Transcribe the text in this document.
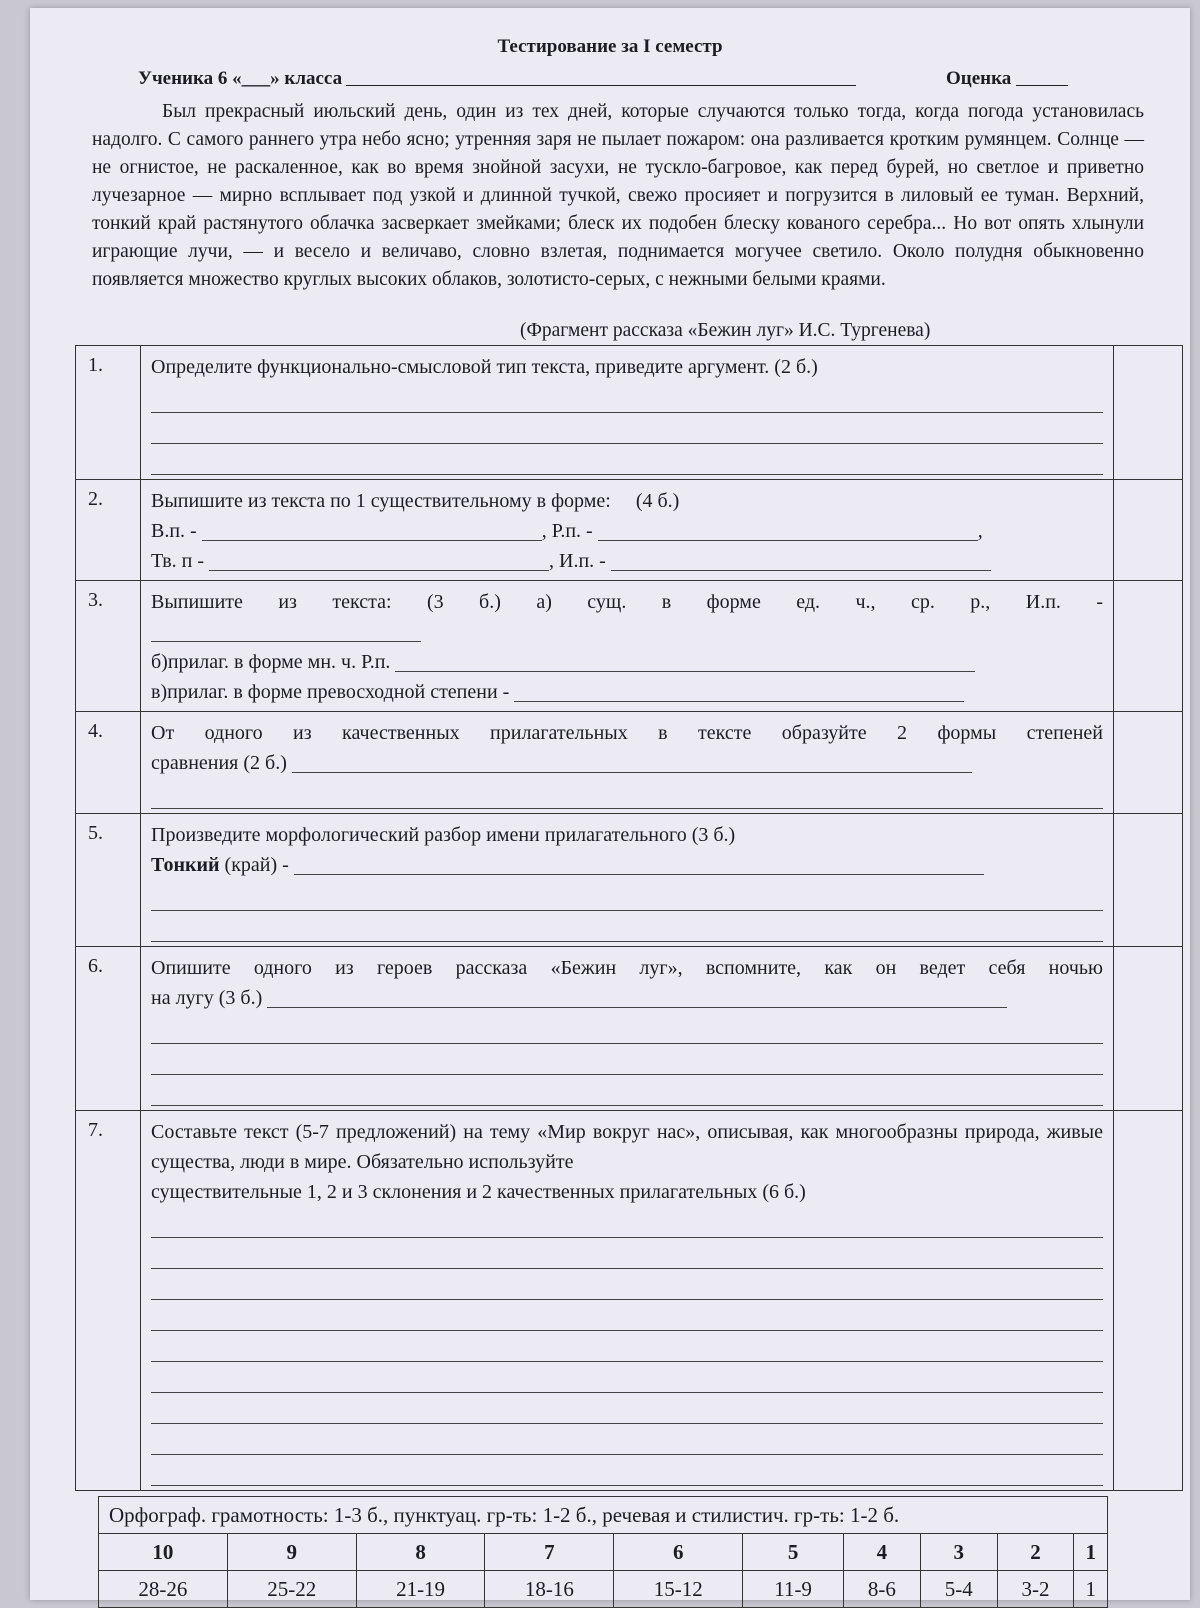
Тестирование за I семестр
Ученика 6 «___» класса	Оценка
Был прекрасный июльский день, один из тех дней, которые случаются только тогда, когда погода установилась надолго. С самого раннего утра небо ясно; утренняя заря не пылает пожаром: она разливается кротким румянцем. Солнце — не огнистое, не раскаленное, как во время знойной засухи, не тускло-багровое, как перед бурей, но светлое и приветно лучезарное — мирно всплывает под узкой и длинной тучкой, свежо просияет и погрузится в лиловый ее туман. Верхний, тонкий край растянутого облачка засверкает змейками; блеск их подобен блеску кованого серебра... Но вот опять хлынули играющие лучи, — и весело и величаво, словно взлетая, поднимается могучее светило. Около полудня обыкновенно появляется множество круглых высоких облаков, золотисто-серых, с нежными белыми краями.
(Фрагмент рассказа «Бежин луг» И.С. Тургенева)
1.	Определите функционально-смысловой тип текста, приведите аргумент. (2 б.)	

2.	Выпишите из текста по 1 существительному в форме:     (4 б.)
В.п. - , Р.п. - ,
Тв. п - , И.п. -	

3.	Выпишите из текста: (3 б.) а) сущ. в форме ед. ч., ср. р., И.п. -
б)прилаг. в форме мн. ч. Р.п.
в)прилаг. в форме превосходной степени -	

4.	От одного из качественных прилагательных в тексте образуйте 2 формы степеней
сравнения (2 б.)	

5.	Произведите морфологический разбор имени прилагательного (3 б.)
Тонкий (край) -	

6.	Опишите одного из героев рассказа «Бежин луг», вспомните, как он ведет себя ночью
на лугу (3 б.)	

7.	Составьте текст (5-7 предложений) на тему «Мир вокруг нас», описывая, как многообразны природа, живые существа, люди в мире. Обязательно используйте
существительные 1, 2 и 3 склонения и 2 качественных прилагательных (6 б.)	

Орфограф. грамотность: 1-3 б., пунктуац. гр-ть: 1-2 б., речевая и стилистич. гр-ть: 1-2 б.									
10	9	8	7	6	5	4	3	2	1
28-26	25-22	21-19	18-16	15-12	11-9	8-6	5-4	3-2	1
